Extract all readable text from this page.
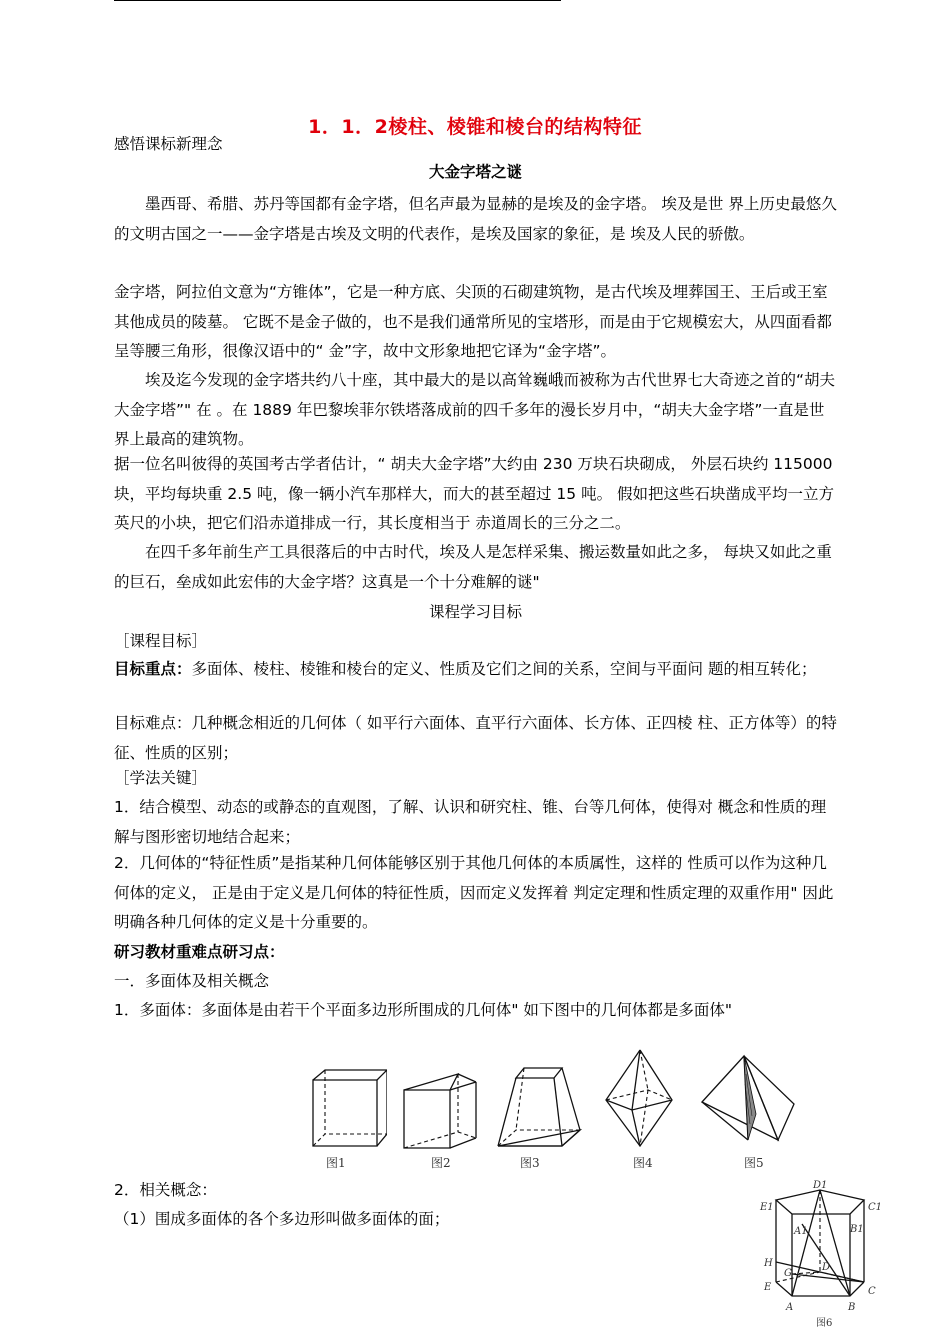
1．1．2棱柱、棱锥和棱台的结构特征

感悟课标新理念

大金字塔之谜

墨西哥、希腊、苏丹等国都有金字塔，但名声最为显赫的是埃及的金字塔。 埃及是世 界上历史最悠久的文明古国之一——金字塔是古埃及文明的代表作，是埃及国家的象征，是 埃及人民的骄傲。

金字塔，阿拉伯文意为“方锥体”，它是一种方底、尖顶的石砌建筑物，是古代埃及埋葬国王、王后或王室其他成员的陵墓。 它既不是金子做的，也不是我们通常所见的宝塔形，而是由于它规模宏大，从四面看都呈等腰三角形，很像汉语中的“ 金”字，故中文形象地把它译为“金字塔”。

埃及迄今发现的金字塔共约八十座，其中最大的是以高耸巍峨而被称为古代世界七大奇迹之首的“胡夫大金字塔”" 在 。在 1889 年巴黎埃菲尔铁塔落成前的四千多年的漫长岁月中，“胡夫大金字塔”一直是世界上最高的建筑物。

据一位名叫彼得的英国考古学者估计，“ 胡夫大金字塔”大约由 230 万块石块砌成， 外层石块约 115000 块，平均每块重 2.5 吨，像一辆小汽车那样大，而大的甚至超过 15 吨。 假如把这些石块凿成平均一立方英尺的小块，把它们沿赤道排成一行，其长度相当于 赤道周长的三分之二。

在四千多年前生产工具很落后的中古时代，埃及人是怎样采集、搬运数量如此之多， 每块又如此之重的巨石，垒成如此宏伟的大金字塔？这真是一个十分难解的谜"

课程学习目标

［课程目标］

目标重点：多面体、棱柱、棱锥和棱台的定义、性质及它们之间的关系，空间与平面问 题的相互转化；

目标难点：几种概念相近的几何体（ 如平行六面体、直平行六面体、长方体、正四棱 柱、正方体等）的特征、性质的区别；

［学法关键］

1．结合模型、动态的或静态的直观图，了解、认识和研究柱、锥、台等几何体，使得对 概念和性质的理解与图形密切地结合起来；

2．几何体的“特征性质”是指某种几何体能够区别于其他几何体的本质属性，这样的 性质可以作为这种几何体的定义， 正是由于定义是几何体的特征性质，因而定义发挥着 判定定理和性质定理的双重作用" 因此明确各种几何体的定义是十分重要的。

研习教材重难点研习点：

一．多面体及相关概念

1．多面体：多面体是由若干个平面多边形所围成的几何体" 如下图中的几何体都是多面体"

图1	图2	图3	图4	图5

2．相关概念：

（1）围成多面体的各个多边形叫做多面体的面；

D1
E1	C1
A1	B1
H
G
E
D
C
A	B
图6
